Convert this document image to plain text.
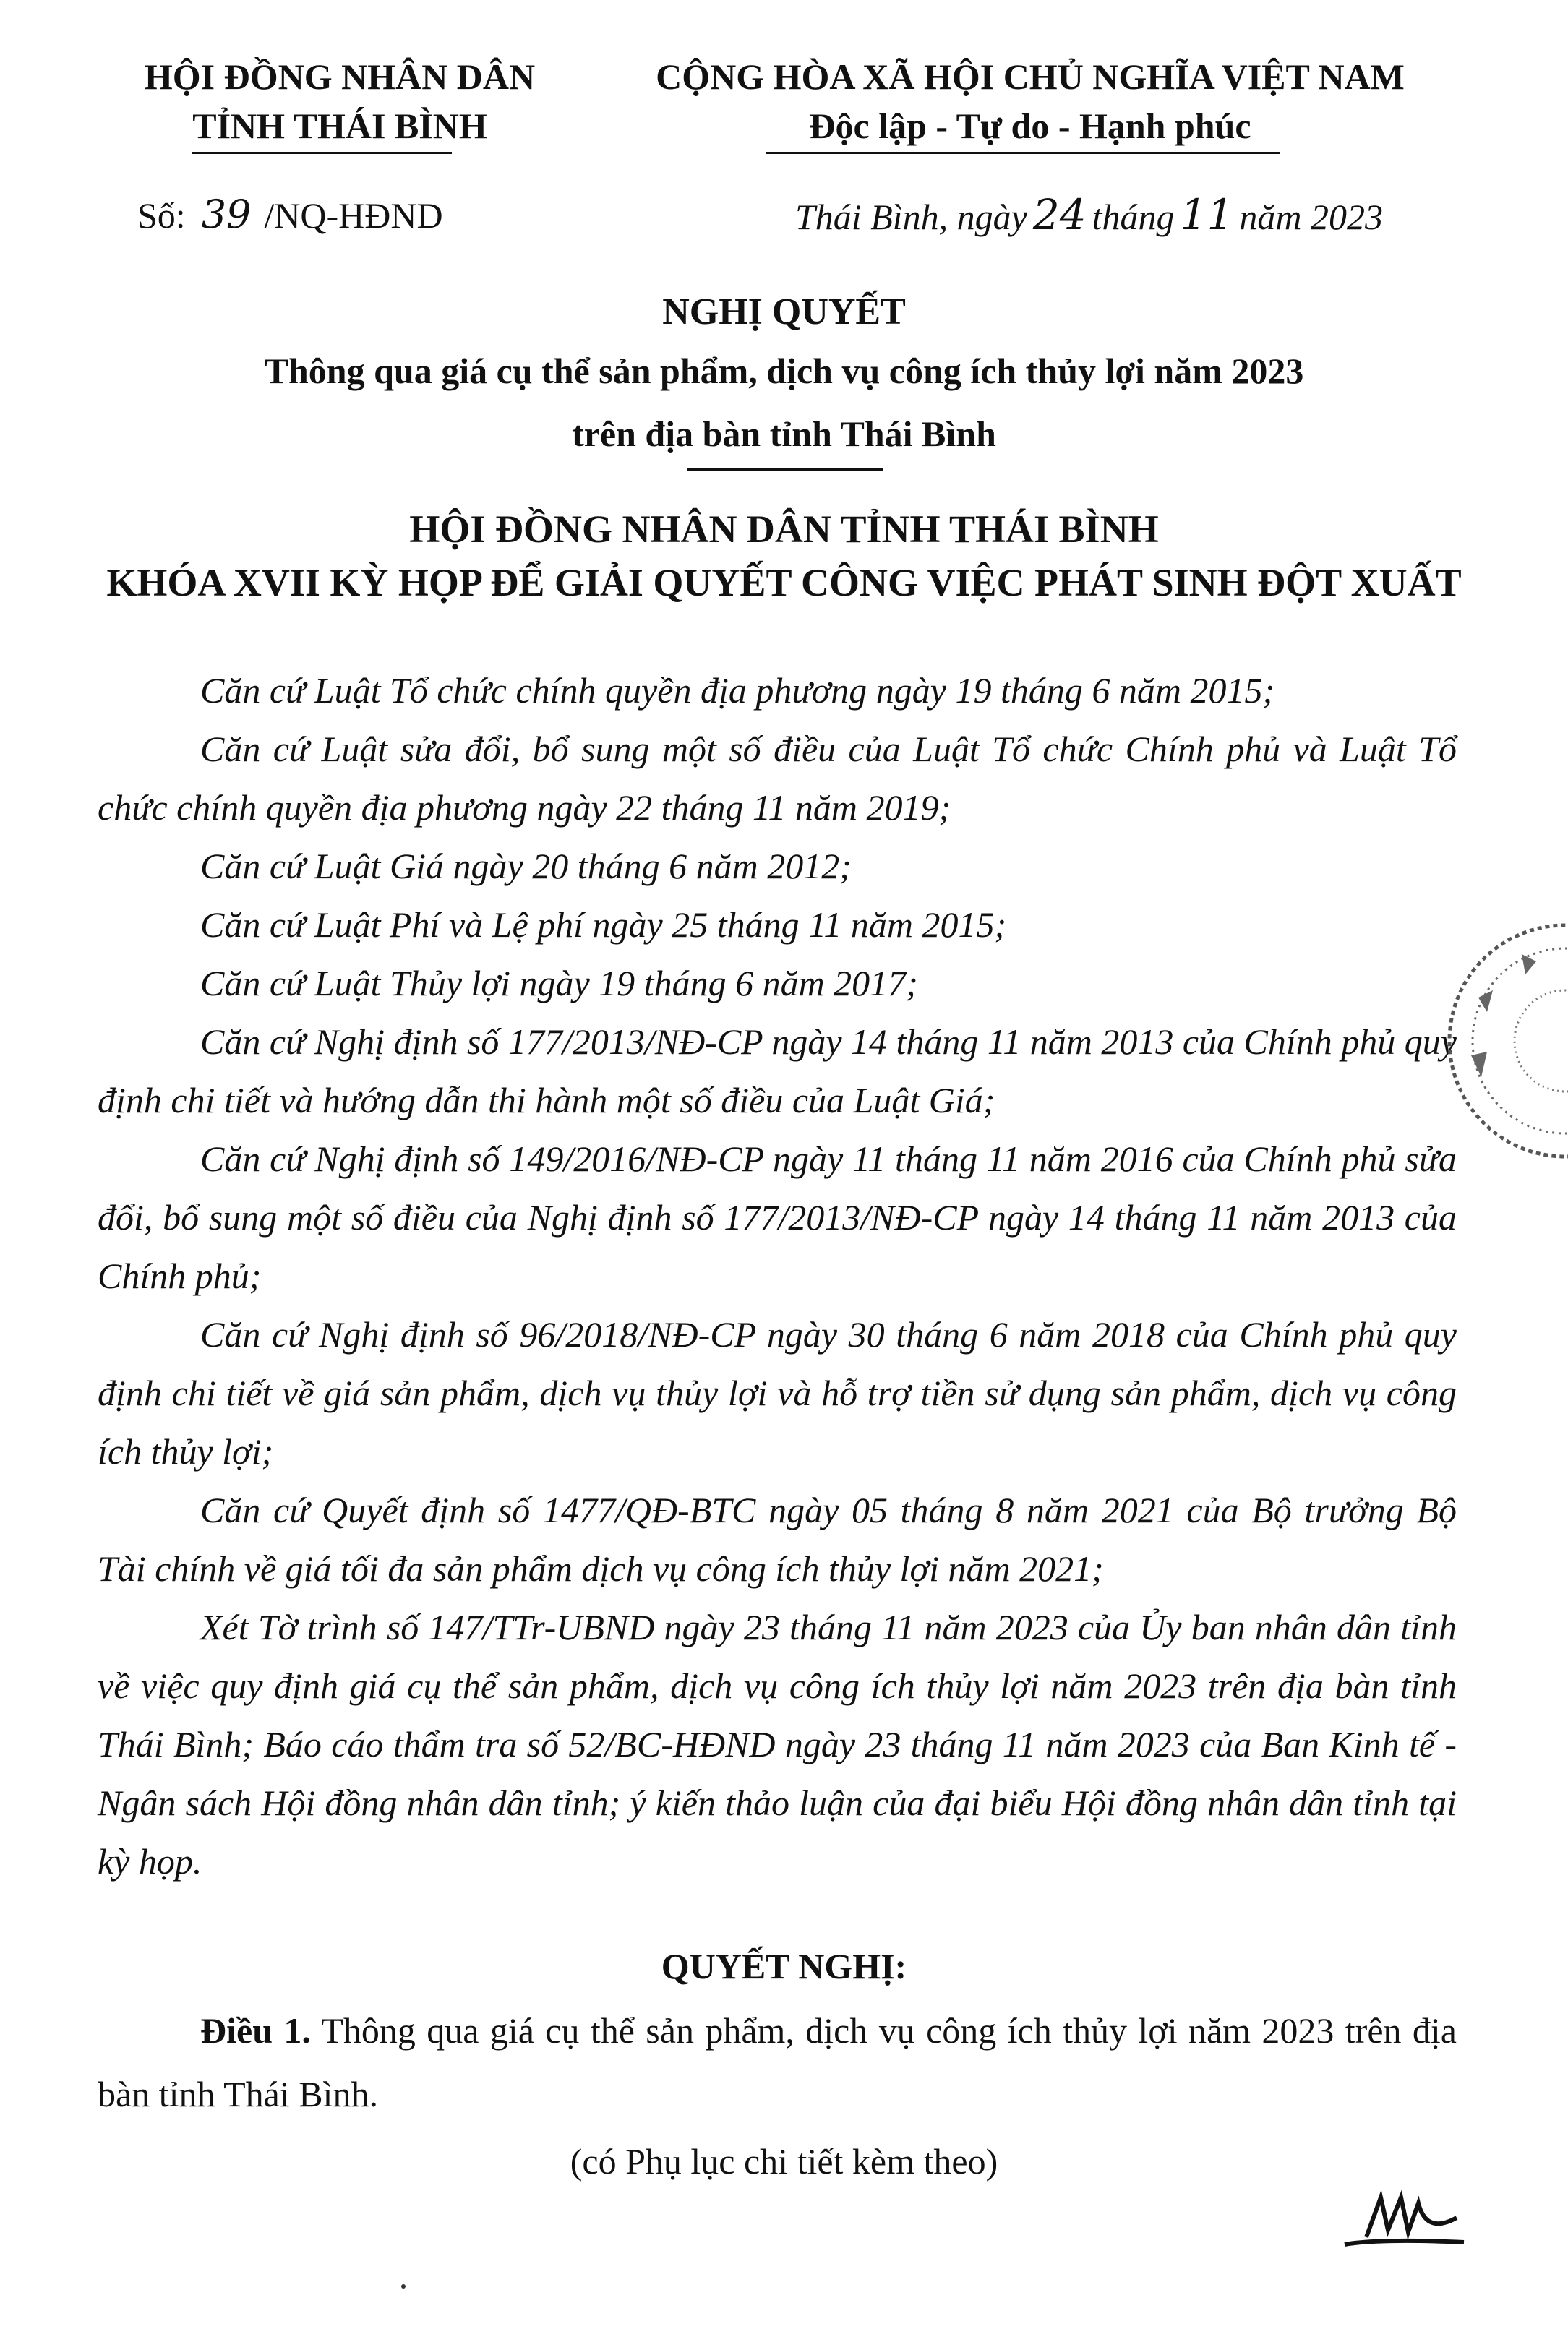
HỘI ĐỒNG NHÂN DÂN
TỈNH THÁI BÌNH
CỘNG HÒA XÃ HỘI CHỦ NGHĨA VIỆT NAM
Độc lập - Tự do - Hạnh phúc
Số: 39 /NQ-HĐND	Thái Bình, ngày 24 tháng 11 năm 2023
NGHỊ QUYẾT
Thông qua giá cụ thể sản phẩm, dịch vụ công ích thủy lợi năm 2023
trên địa bàn tỉnh Thái Bình
HỘI ĐỒNG NHÂN DÂN TỈNH THÁI BÌNH
KHÓA XVII KỲ HỌP ĐỂ GIẢI QUYẾT CÔNG VIỆC PHÁT SINH ĐỘT XUẤT

Căn cứ Luật Tổ chức chính quyền địa phương ngày 19 tháng 6 năm 2015;

Căn cứ Luật sửa đổi, bổ sung một số điều của Luật Tổ chức Chính phủ và Luật Tổ chức chính quyền địa phương ngày 22 tháng 11 năm 2019;

Căn cứ Luật Giá ngày 20 tháng 6 năm 2012;

Căn cứ Luật Phí và Lệ phí ngày 25 tháng 11 năm 2015;

Căn cứ Luật Thủy lợi ngày 19 tháng 6 năm 2017;

Căn cứ Nghị định số 177/2013/NĐ-CP ngày 14 tháng 11 năm 2013 của Chính phủ quy định chi tiết và hướng dẫn thi hành một số điều của Luật Giá;

Căn cứ Nghị định số 149/2016/NĐ-CP ngày 11 tháng 11 năm 2016 của Chính phủ sửa đổi, bổ sung một số điều của Nghị định số 177/2013/NĐ-CP ngày 14 tháng 11 năm 2013 của Chính phủ;

Căn cứ Nghị định số 96/2018/NĐ-CP ngày 30 tháng 6 năm 2018 của Chính phủ quy định chi tiết về giá sản phẩm, dịch vụ thủy lợi và hỗ trợ tiền sử dụng sản phẩm, dịch vụ công ích thủy lợi;

Căn cứ Quyết định số 1477/QĐ-BTC ngày 05 tháng 8 năm 2021 của Bộ trưởng Bộ Tài chính về giá tối đa sản phẩm dịch vụ công ích thủy lợi năm 2021;

Xét Tờ trình số 147/TTr-UBND ngày 23 tháng 11 năm 2023 của Ủy ban nhân dân tỉnh về việc quy định giá cụ thể sản phẩm, dịch vụ công ích thủy lợi năm 2023 trên địa bàn tỉnh Thái Bình; Báo cáo thẩm tra số 52/BC-HĐND ngày 23 tháng 11 năm 2023 của Ban Kinh tế - Ngân sách Hội đồng nhân dân tỉnh; ý kiến thảo luận của đại biểu Hội đồng nhân dân tỉnh tại kỳ họp.

QUYẾT NGHỊ:

Điều 1. Thông qua giá cụ thể sản phẩm, dịch vụ công ích thủy lợi năm 2023 trên địa bàn tỉnh Thái Bình.

(có Phụ lục chi tiết kèm theo)
